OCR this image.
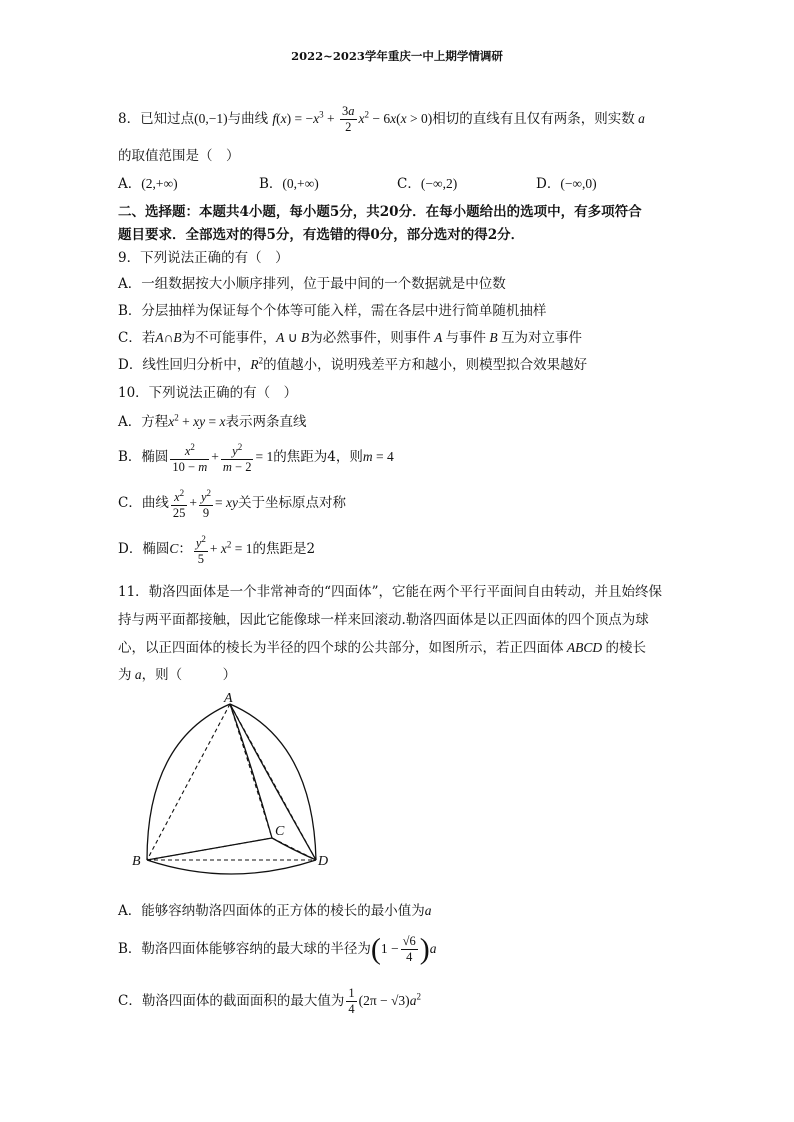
2022~2023学年重庆一中上期学情调研
8．已知过点(0,−1)与曲线 $f(x) = -x^3 + \frac{3a}{2} x^2 - 6x(x > 0)$相切的直线有且仅有两条，则实数 a
的取值范围是（　）
A．(2,+∞)	B．(0,+∞)	C．(−∞,2)	D．(−∞,0)
二、选择题：本题共4小题，每小题5分，共20分．在每小题给出的选项中，有多项符合
题目要求．全部选对的得5分，有选错的得0分，部分选对的得2分．
9．下列说法正确的有（　）
A．一组数据按大小顺序排列，位于最中间的一个数据就是中位数
B．分层抽样为保证每个个体等可能入样，需在各层中进行简单随机抽样
C．若A∩B为不可能事件，A ∪ B为必然事件，则事件 A 与事件 B 互为对立事件
D．线性回归分析中，$R^2$的值越小，说明残差平方和越小，则模型拟合效果越好
10．下列说法正确的有（　）
A．方程$x^2$ + xy = x表示两条直线
B．椭圆 $\frac{x^2}{10 - m} + \frac{y^2}{m - 2} = 1$的焦距为4，则m = 4
C．曲线 $\frac{x^2}{25} + \frac{y^2}{9}$ = xy关于坐标原点对称
D．椭圆C： $\frac{y^2}{5} + x^2 = 1$的焦距是2
11．勒洛四面体是一个非常神奇的“四面体”，它能在两个平行平面间自由转动，并且始终保
持与两平面都接触，因此它能像球一样来回滚动.勒洛四面体是以正四面体的四个顶点为球
心，以正四面体的棱长为半径的四个球的公共部分，如图所示，若正四面体 ABCD 的棱长
为 a，则（　　　）
A
B
C
D
A．能够容纳勒洛四面体的正方体的棱长的最小值为a
B．勒洛四面体能够容纳的最大球的半径为$(1 - \frac{√6}{4} )a$
C．勒洛四面体的截面面积的最大值为 $\frac{1}{4} (2\pi - √3)a^2$
